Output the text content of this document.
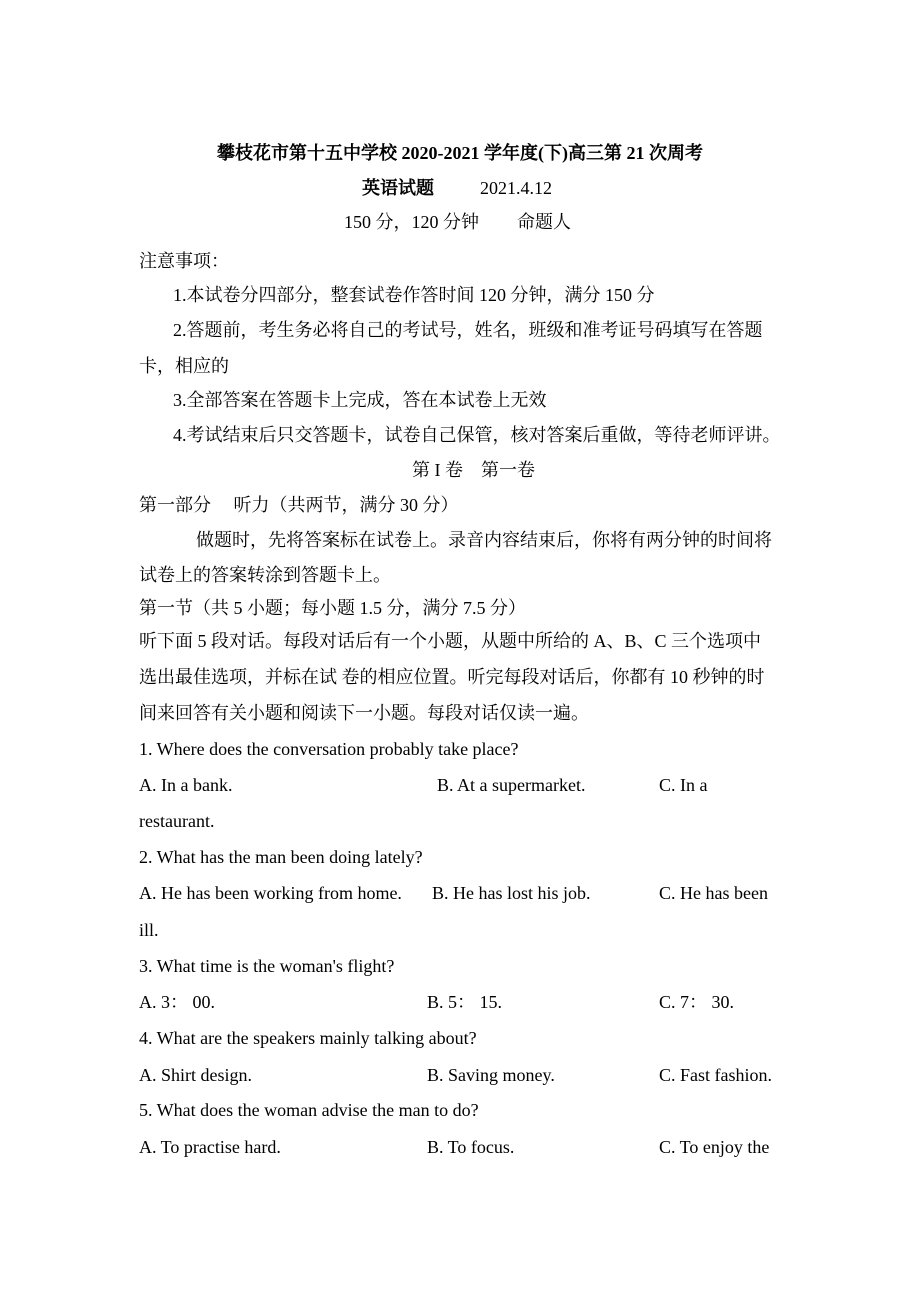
攀枝花市第十五中学校 2020-2021 学年度(下)高三第 21 次周考
英语试题	2021.4.12
150 分，120 分钟 命题人
注意事项：
1.本试卷分四部分，整套试卷作答时间 120 分钟，满分 150 分
2.答题前，考生务必将自己的考试号，姓名，班级和准考证号码填写在答题
卡，相应的
3.全部答案在答题卡上完成，答在本试卷上无效
4.考试结束后只交答题卡，试卷自己保管，核对答案后重做，等待老师评讲。
第 I 卷　第一卷
第一部分　 听力（共两节，满分 30 分）
做题时，先将答案标在试卷上。录音内容结束后，你将有两分钟的时间将
试卷上的答案转涂到答题卡上。
第一节（共 5 小题；每小题 1.5 分，满分 7.5 分）
听下面 5 段对话。每段对话后有一个小题，从题中所给的 A、B、C 三个选项中
选出最佳选项，并标在试 卷的相应位置。听完每段对话后，你都有 10 秒钟的时
间来回答有关小题和阅读下一小题。每段对话仅读一遍。
1. Where does the conversation probably take place?
A. In a bank.	B. At a supermarket.	C. In a
restaurant.
2. What has the man been doing lately?
A. He has been working from home. B. He has lost his job.	C. He has been
ill.
3. What time is the woman's flight?
A. 3： 00.	B. 5： 15.	C. 7： 30.
4. What are the speakers mainly talking about?
A. Shirt design.	B. Saving money.	C. Fast fashion.
5. What does the woman advise the man to do?
A. To practise hard.	B. To focus.	C. To enjoy the
